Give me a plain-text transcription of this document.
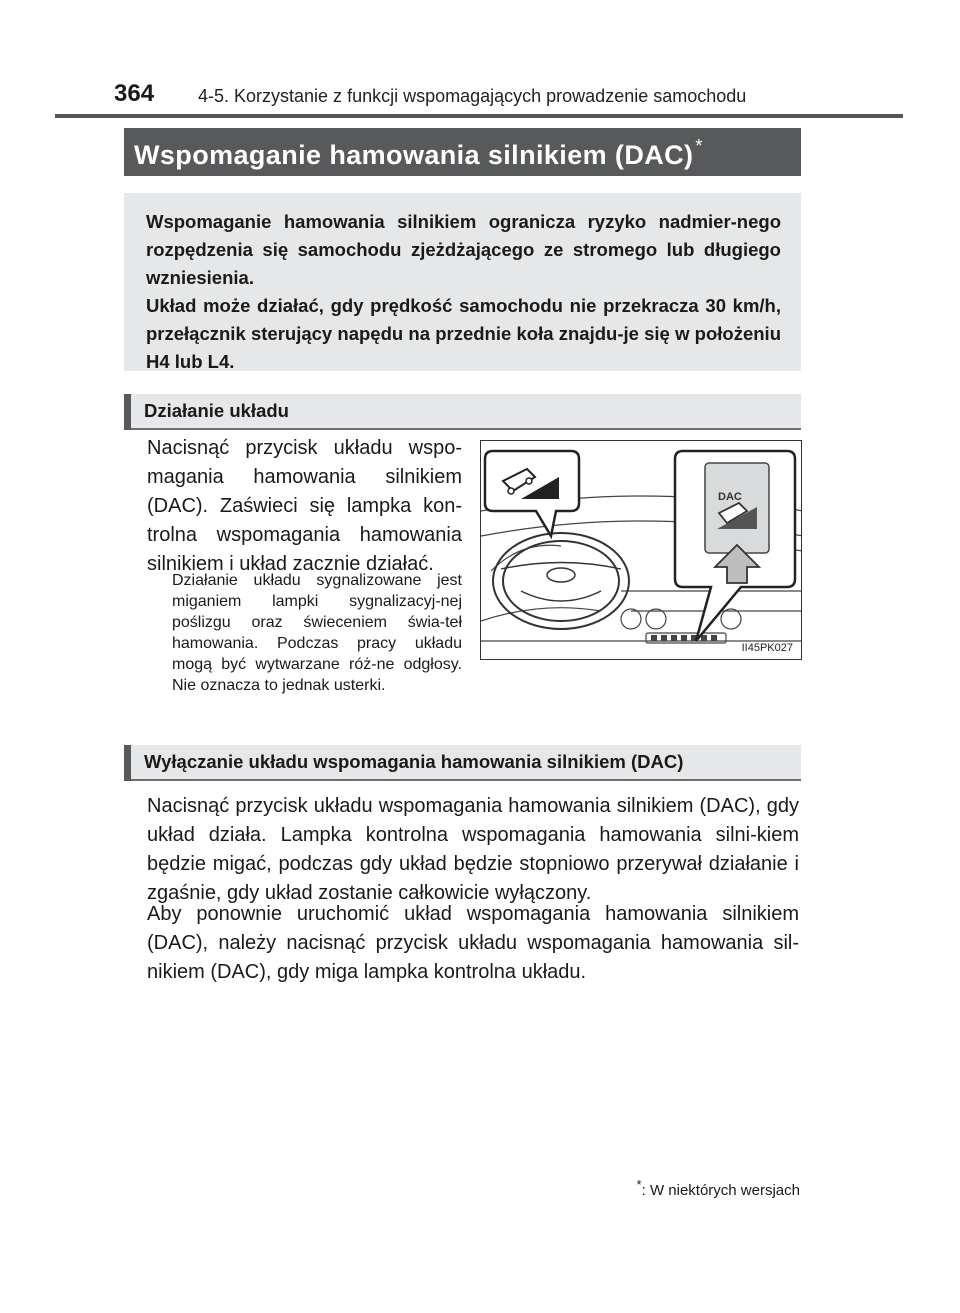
364 4-5. Korzystanie z funkcji wspomagających prowadzenie samochodu
Wspomaganie hamowania silnikiem (DAC) *

Wspomaganie hamowania silnikiem ogranicza ryzyko nadmier-nego rozpędzenia się samochodu zjeżdżającego ze stromego lub długiego wzniesienia.

Układ może działać, gdy prędkość samochodu nie przekracza 30 km/h, przełącznik sterujący napędu na przednie koła znajdu-je się w położeniu H4 lub L4.

Działanie układu
Nacisnąć przycisk układu wspo-magania hamowania silnikiem (DAC). Zaświeci się lampka kon-trolna wspomagania hamowania silnikiem i układ zacznie działać.
Działanie układu sygnalizowane jest miganiem lampki sygnalizacyj-nej poślizgu oraz świeceniem świa-teł hamowania. Podczas pracy układu mogą być wytwarzane róż-ne odgłosy. Nie oznacza to jednak usterki.
DAC
II45PK027
Wyłączanie układu wspomagania hamowania silnikiem (DAC)
Nacisnąć przycisk układu wspomagania hamowania silnikiem (DAC), gdy układ działa. Lampka kontrolna wspomagania hamowania silni-kiem będzie migać, podczas gdy układ będzie stopniowo przerywał działanie i zgaśnie, gdy układ zostanie całkowicie wyłączony.
Aby ponownie uruchomić układ wspomagania hamowania silnikiem (DAC), należy nacisnąć przycisk układu wspomagania hamowania sil-nikiem (DAC), gdy miga lampka kontrolna układu.
*: W niektórych wersjach
